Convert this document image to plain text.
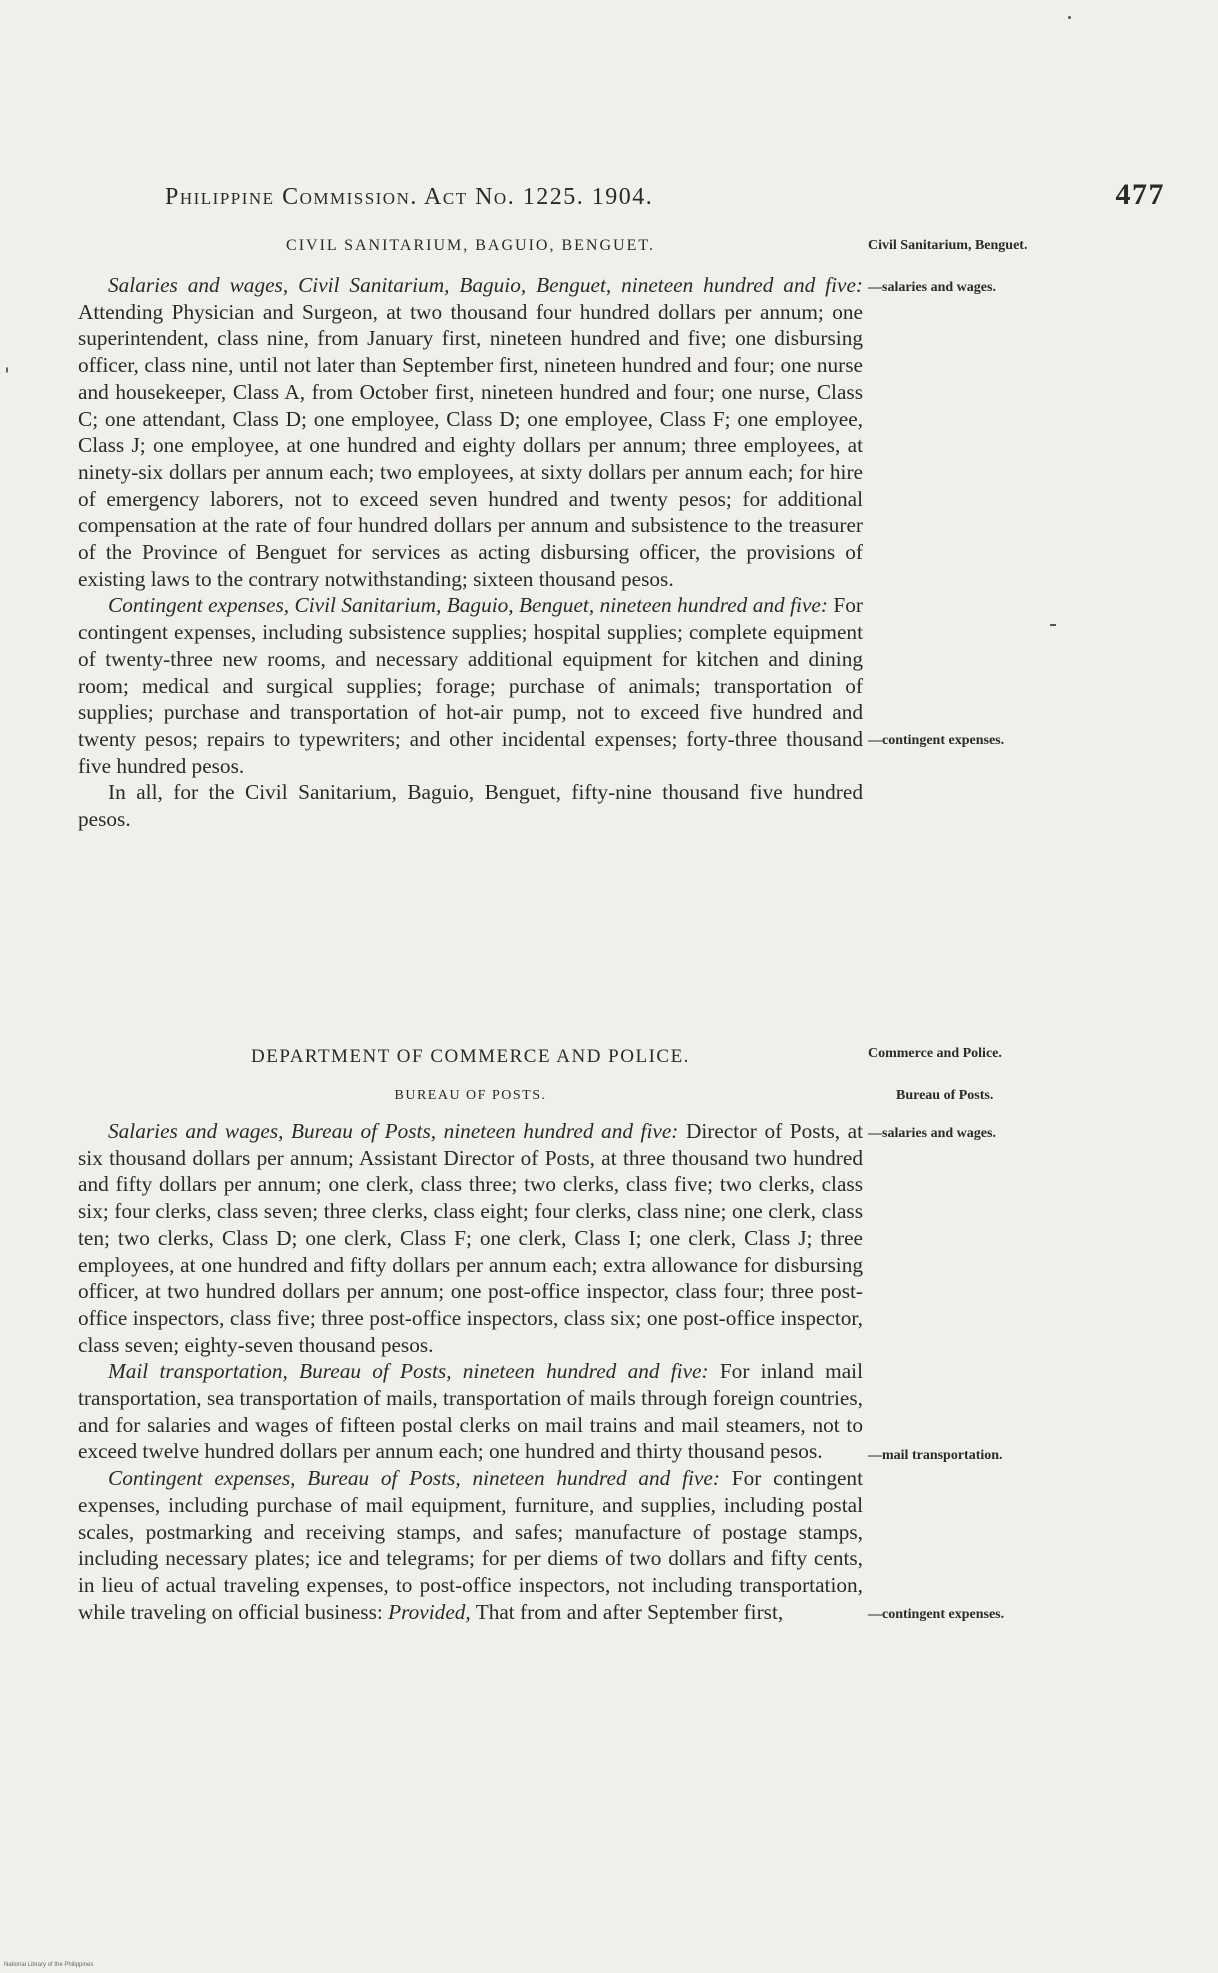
Philippine Commission. Act No. 1225. 1904.	477
CIVIL SANITARIUM, BAGUIO, BENGUET.

Salaries and wages, Civil Sanitarium, Baguio, Benguet, nineteen hundred and five: Attending Physician and Surgeon, at two thousand four hundred dollars per annum; one superintendent, class nine, from January first, nineteen hundred and five; one disbursing officer, class nine, until not later than September first, nineteen hundred and four; one nurse and housekeeper, Class A, from October first, nineteen hundred and four; one nurse, Class C; one attendant, Class D; one employee, Class D; one employee, Class F; one employee, Class J; one employee, at one hundred and eighty dollars per annum; three employees, at ninety-six dollars per annum each; two employees, at sixty dollars per annum each; for hire of emergency laborers, not to exceed seven hundred and twenty pesos; for additional compensation at the rate of four hundred dollars per annum and subsistence to the treasurer of the Province of Benguet for services as acting disbursing officer, the provisions of existing laws to the contrary notwithstanding; sixteen thousand pesos.

Contingent expenses, Civil Sanitarium, Baguio, Benguet, nineteen hundred and five: For contingent expenses, including subsistence supplies; hospital supplies; complete equipment of twenty-three new rooms, and necessary additional equipment for kitchen and dining room; medical and surgical supplies; forage; purchase of animals; transportation of supplies; purchase and transportation of hot-air pump, not to exceed five hundred and twenty pesos; repairs to typewriters; and other incidental expenses; forty-three thousand five hundred pesos.

In all, for the Civil Sanitarium, Baguio, Benguet, fifty-nine thousand five hundred pesos.

DEPARTMENT OF COMMERCE AND POLICE.
BUREAU OF POSTS.

Salaries and wages, Bureau of Posts, nineteen hundred and five: Director of Posts, at six thousand dollars per annum; Assistant Director of Posts, at three thousand two hundred and fifty dollars per annum; one clerk, class three; two clerks, class five; two clerks, class six; four clerks, class seven; three clerks, class eight; four clerks, class nine; one clerk, class ten; two clerks, Class D; one clerk, Class F; one clerk, Class I; one clerk, Class J; three employees, at one hundred and fifty dollars per annum each; extra allowance for disbursing officer, at two hundred dollars per annum; one post-office inspector, class four; three post-office inspectors, class five; three post-office inspectors, class six; one post-office inspector, class seven; eighty-seven thousand pesos.

Mail transportation, Bureau of Posts, nineteen hundred and five: For inland mail transportation, sea transportation of mails, transportation of mails through foreign countries, and for salaries and wages of fifteen postal clerks on mail trains and mail steamers, not to exceed twelve hundred dollars per annum each; one hundred and thirty thousand pesos.

Contingent expenses, Bureau of Posts, nineteen hundred and five: For contingent expenses, including purchase of mail equipment, furniture, and supplies, including postal scales, postmarking and receiving stamps, and safes; manufacture of postage stamps, including necessary plates; ice and telegrams; for per diems of two dollars and fifty cents, in lieu of actual traveling expenses, to post-office inspectors, not including transportation, while traveling on official business: Provided, That from and after September first,

Civil Sanitarium, Benguet.
—salaries and wages.
—contingent expenses.
Commerce and Police.
Bureau of Posts.
—salaries and wages.
—mail transportation.
—contingent expenses.
National Library of the Philippines
